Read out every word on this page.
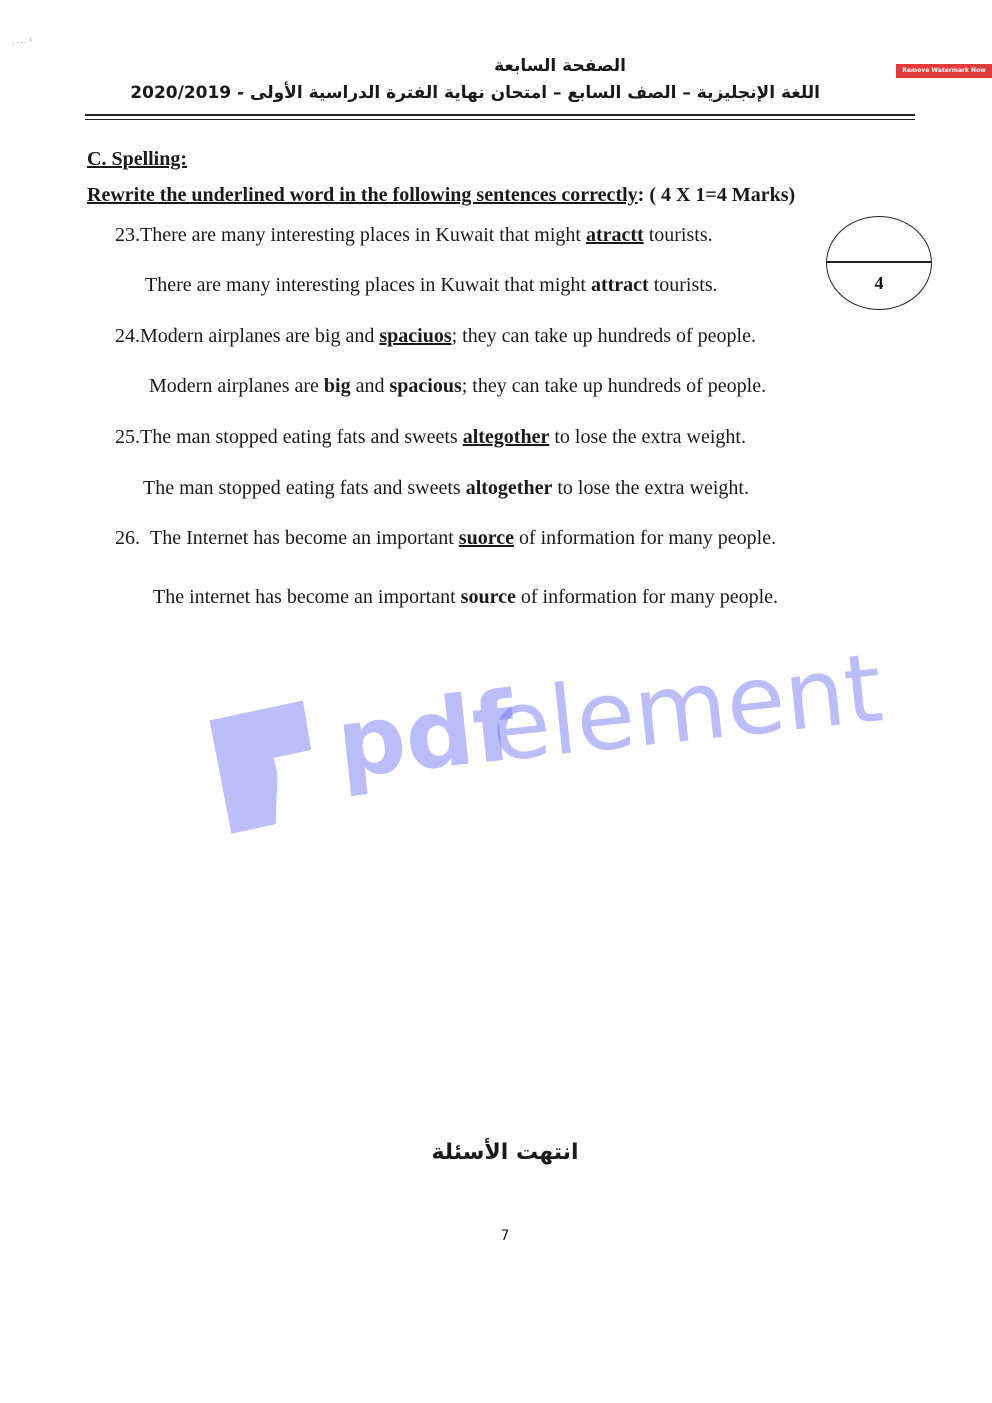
ˌ . . . ^
الصفحة السابعة
اللغة الإنجليزية – الصف السابع – امتحان نهاية الفترة الدراسية الأولى - 2020/2019
Remove Watermark Now
C. Spelling:
Rewrite the underlined word in the following sentences correctly: ( 4 X 1=4 Marks)
4
23.There are many interesting places in Kuwait that might atractt tourists.
There are many interesting places in Kuwait that might attract tourists.
24.Modern airplanes are big and spaciuos; they can take up hundreds of people.
Modern airplanes are big and spacious; they can take up hundreds of people.
25.The man stopped eating fats and sweets altegother to lose the extra weight.
The man stopped eating fats and sweets altogether to lose the extra weight.
26. The Internet has become an important suorce of information for many people.
The internet has become an important source of information for many people.
pdf
element
انتهت الأسئلة
7
